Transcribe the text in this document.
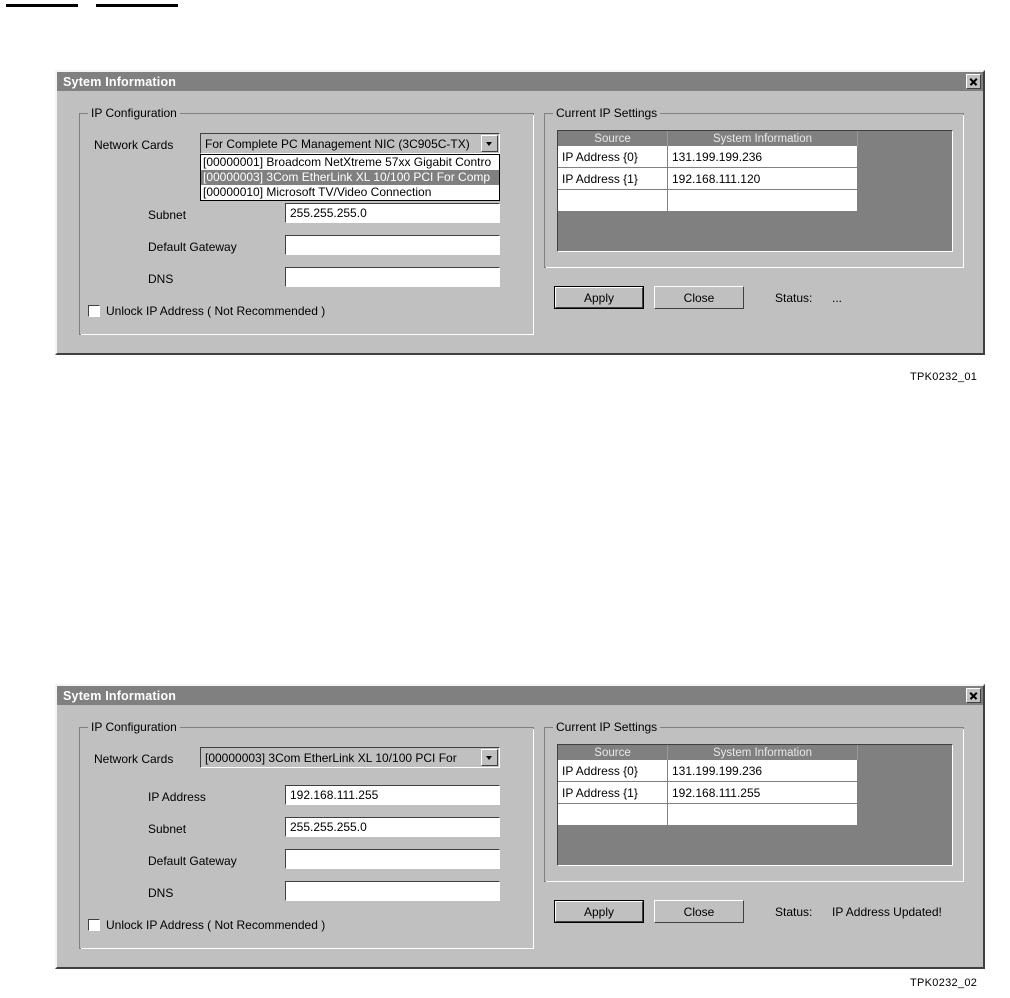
Sytem Information
IP Configuration
Network Cards	For Complete PC Management NIC (3C905C-TX)
[00000001] Broadcom NetXtreme 57xx Gigabit Contro
[00000003] 3Com EtherLink XL 10/100 PCI For Comp
[00000010] Microsoft TV/Video Connection
Subnet	255.255.255.0
Default Gateway
DNS
Unlock IP Address ( Not Recommended )
Current IP Settings
Source	System Information
IP Address {0}	131.199.199.236
IP Address {1}	192.168.111.120
Apply	Close	Status: ...
TPK0232_01
Sytem Information
IP Configuration
Network Cards	[00000003] 3Com EtherLink XL 10/100 PCI For
IP Address	192.168.111.255
Subnet	255.255.255.0
Default Gateway
DNS
Unlock IP Address ( Not Recommended )
Current IP Settings
Source	System Information
IP Address {0}	131.199.199.236
IP Address {1}	192.168.111.255
Apply	Close	Status: IP Address Updated!
TPK0232_02
